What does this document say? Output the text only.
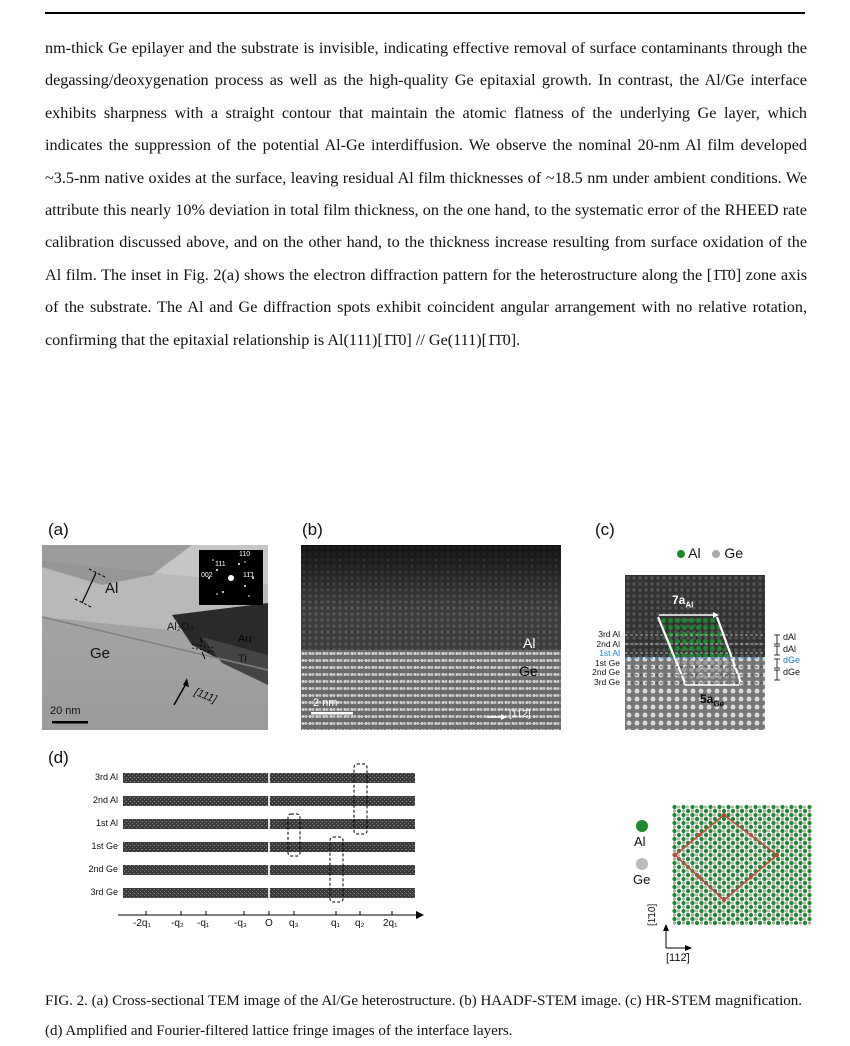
nm-thick Ge epilayer and the substrate is invisible, indicating effective removal of surface contaminants through the degassing/deoxygenation process as well as the high-quality Ge epitaxial growth. In contrast, the Al/Ge interface exhibits sharpness with a straight contour that maintain the atomic flatness of the underlying Ge layer, which indicates the suppression of the potential Al-Ge interdiffusion. We observe the nominal 20-nm Al film developed ~3.5-nm native oxides at the surface, leaving residual Al film thicknesses of ~18.5 nm under ambient conditions. We attribute this nearly 10% deviation in total film thickness, on the one hand, to the systematic error of the RHEED rate calibration discussed above, and on the other hand, to the thickness increase resulting from surface oxidation of the Al film. The inset in Fig. 2(a) shows the electron diffraction pattern for the heterostructure along the [1̄1̄0] zone axis of the substrate. The Al and Ge diffraction spots exhibit coincident angular arrangement with no relative rotation, confirming that the epitaxial relationship is Al(111)[1̄1̄0] // Ge(111)[1̄1̄0].

(a)
Al
Ge
Al₂O₃
Au
Ti
[111]
20 nm
110
111
002	11̄1
(b)
Al
Ge
2 nm
[112̄]
(c)
Al Ge
$7a_{Al}$
$5a_{Ge}$
3rd Al
2nd Al
1st Al
1st Ge
2nd Ge
3rd Ge
dAl
dAl
dGe
dGe
(d)
3rd Al
2nd Al
1st Al
1st Ge
2nd Ge
3rd Ge
-2q₁ -q₂ -q₁ -q₃ O q₃	q₁ q₂ 2q₁
Al
Ge
[1̄10]
[112̄]
FIG. 2. (a) Cross-sectional TEM image of the Al/Ge heterostructure. (b) HAADF-STEM image. (c) HR-STEM magnification. (d) Amplified and Fourier-filtered lattice fringe images of the interface layers.
